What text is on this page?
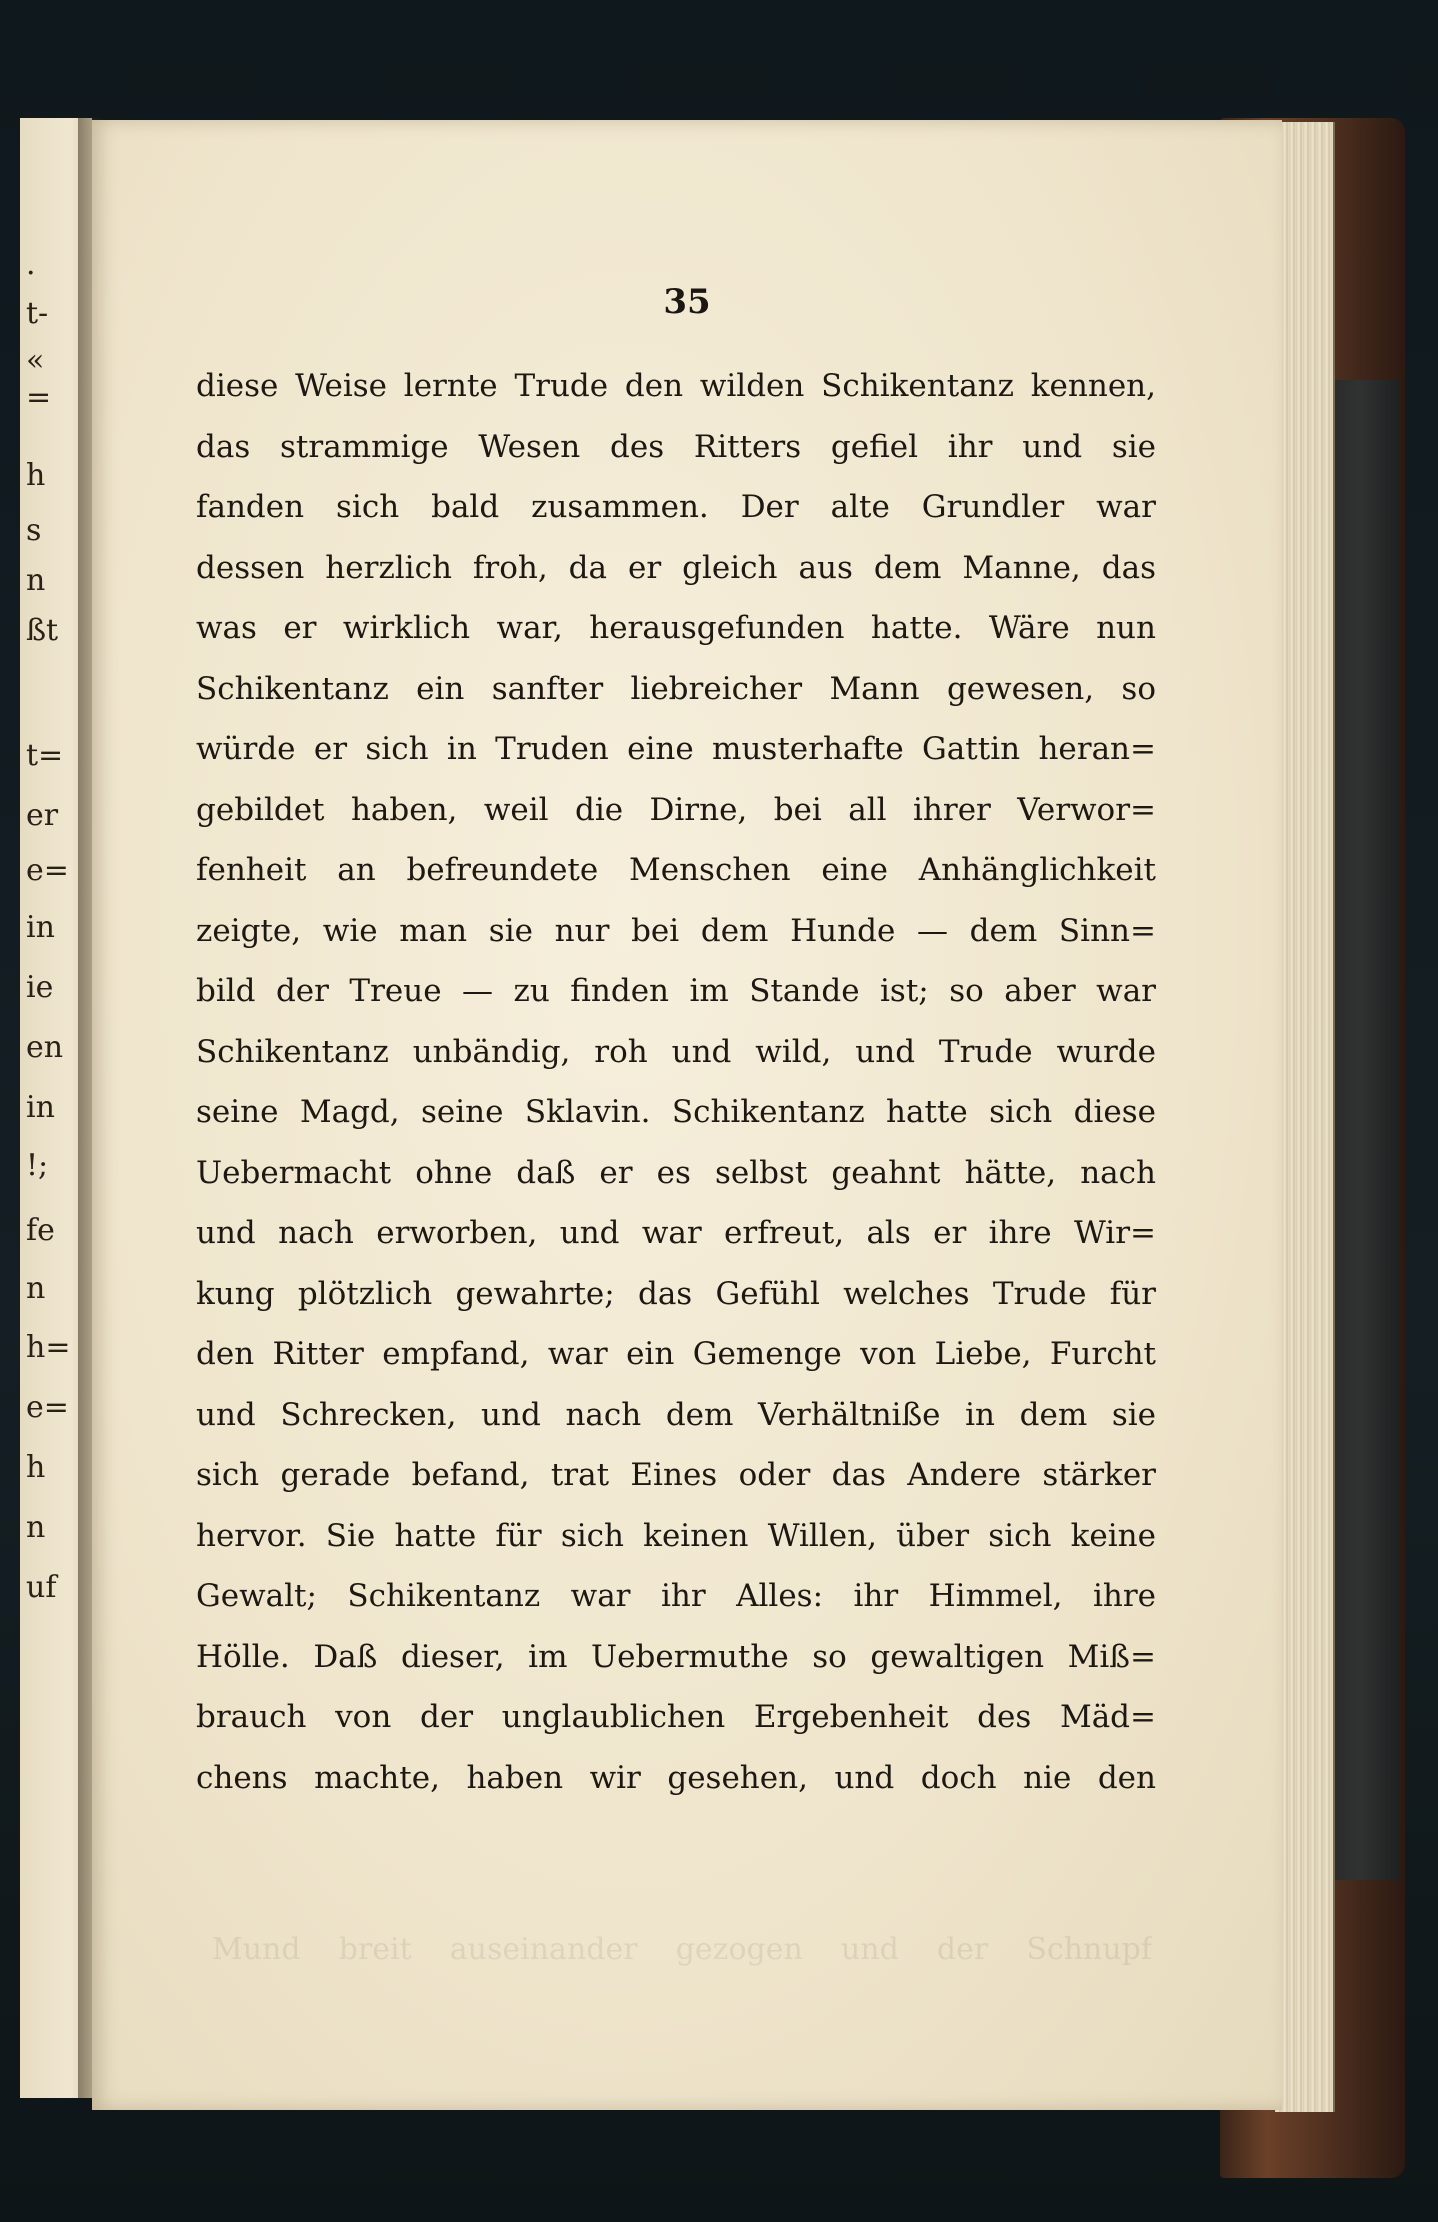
·
t-
«
=
h
s
n
ßt
t=
er
e=
in
ie
en
in
!;
fe
n
h=
e=
h
n
uf
35
diese Weise lernte Trude den wilden Schikentanz kennen,
das strammige Wesen des Ritters gefiel ihr und sie
fanden sich bald zusammen. Der alte Grundler war
dessen herzlich froh, da er gleich aus dem Manne, das
was er wirklich war, herausgefunden hatte. Wäre nun
Schikentanz ein sanfter liebreicher Mann gewesen, so
würde er sich in Truden eine musterhafte Gattin heran=
gebildet haben, weil die Dirne, bei all ihrer Verwor=
fenheit an befreundete Menschen eine Anhänglichkeit
zeigte, wie man sie nur bei dem Hunde — dem Sinn=
bild der Treue — zu finden im Stande ist; so aber war
Schikentanz unbändig, roh und wild, und Trude wurde
seine Magd, seine Sklavin. Schikentanz hatte sich diese
Uebermacht ohne daß er es selbst geahnt hätte, nach
und nach erworben, und war erfreut, als er ihre Wir=
kung plötzlich gewahrte; das Gefühl welches Trude für
den Ritter empfand, war ein Gemenge von Liebe, Furcht
und Schrecken, und nach dem Verhältniße in dem sie
sich gerade befand, trat Eines oder das Andere stärker
hervor. Sie hatte für sich keinen Willen, über sich keine
Gewalt; Schikentanz war ihr Alles: ihr Himmel, ihre
Hölle. Daß dieser, im Uebermuthe so gewaltigen Miß=
brauch von der unglaublichen Ergebenheit des Mäd=
chens machte, haben wir gesehen, und doch nie den
Mund breit auseinander gezogen und der Schnupf
